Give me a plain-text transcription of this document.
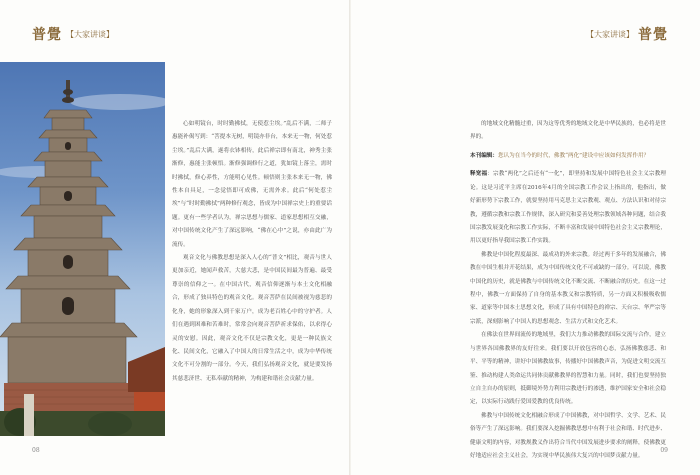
普覺 【大家讲谈】	【大家讲谈】 普覺

心如明镜台，时时勤拂拭，无使惹尘埃。”乱后不满，二师子惠能补偈写到：“菩提本无树，明镜亦非台，本来无一物，何处惹尘埃。”乱后大满，遂将衣钵相传，此后禅宗即有南北，神秀主张渐修，惠能主张顿悟。渐修强调修行之道，犹如镜上落尘，需时时拂拭，修心养性，方能明心见性。顿悟则主张本来无一物，佛性本自具足，一念觉悟即可成佛，无需外求。此后“何处惹尘埃”与“时时勤拂拭”两种修行观念，皆成为中国禅宗史上的重要话题。更有一些学者认为，禅宗思想与儒家、道家思想相互交融，对中国传统文化产生了深远影响，“佛在心中”之说，亦由此广为流传。

观音文化与佛教思想是深入人心的“普文”相比，观音与世人更加亲近，她闻声救苦，大慈大悲，是中国民间最为普遍、最受尊崇的信仰之一。在中国古代，观音信仰逐渐与本土文化相融合，形成了独具特色的观音文化。观音菩萨在民间被视为慈悲的化身，她的形象深入到千家万户，成为老百姓心中的守护者。人们在遇到困难和苦难时，常常会向观音菩萨祈求保佑，以求得心灵的安慰。因此，观音文化不仅是宗教文化，更是一种民族文化、民间文化，它融入了中国人的日常生活之中，成为中华传统文化不可分割的一部分。今天，我们弘扬观音文化，就是要发扬其慈悲济世、无私奉献的精神，为构建和谐社会贡献力量。

的地域文化精髓过重，因为这等优秀的地域文化是中华民族的，也必将是世界的。

本刊编辑：您认为在当今的时代，佛教“两化”建设中应该如何发挥作用？

释宽福：宗教“两化”之后还有“一化”，即坚持和发展中国特色社会主义宗教理论。这是习近平主席在2016年4月的全国宗教工作会议上指出的，他指出，做好新形势下宗教工作，就要坚持用马克思主义宗教观、观点、方法认识和对待宗教，遵循宗教和宗教工作规律，深入研究和妥善处理宗教领域各种问题，结合我国宗教发展变化和宗教工作实际，不断丰富和发展中国特色社会主义宗教理论，用以更好指导我国宗教工作实践。

佛教是中国化程度最深、最成功的外来宗教。经过两千多年的发展融合，佛教在中国生根并开花结果，成为中国传统文化不可或缺的一部分。可以说，佛教中国化的历史，就是佛教与中国传统文化不断交流、不断融合的历史。在这一过程中，佛教一方面保持了自身的基本教义和宗教特质，另一方面又积极吸收儒家、道家等中国本土思想文化，形成了具有中国特色的禅宗、天台宗、华严宗等宗派，深刻影响了中国人的思想观念、生活方式和文化艺术。

在佛法在世界间流传的地域里，我们大力推动佛教的国际交流与合作，建立与世界各国佛教界的友好往来。我们要以开放包容的心态，弘扬佛教慈悲、和平、平等的精神，讲好中国佛教故事，传播好中国佛教声音，为促进文明交流互鉴、推动构建人类命运共同体贡献佛教界的智慧和力量。同时，我们也要坚持独立自主自办的原则，抵御境外势力利用宗教进行的渗透，维护国家安全和社会稳定，以实际行动践行爱国爱教的优良传统。

佛教与中国传统文化相融合形成了中国佛教，对中国哲学、文学、艺术、民俗等产生了深远影响。我们要深入挖掘佛教思想中有利于社会和谐、时代进步、健康文明的内容，对教规教义作出符合当代中国发展进步要求的阐释，使佛教更好地适应社会主义社会，为实现中华民族伟大复兴的中国梦贡献力量。

08	09
